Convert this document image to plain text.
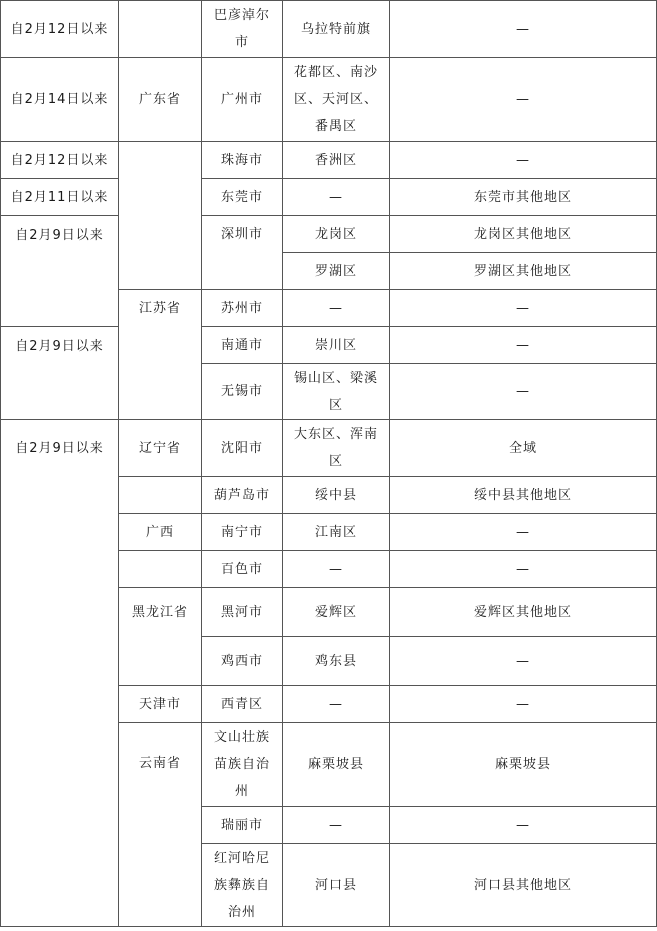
自2月12日以来		巴彦淖尔市	乌拉特前旗	—
自2月14日以来	广东省	广州市	花都区、南沙区、天河区、番禺区	—
自2月12日以来		珠海市	香洲区	—
自2月11日以来		东莞市	—	东莞市其他地区
自2月9日以来		深圳市	龙岗区	龙岗区其他地区
			罗湖区	罗湖区其他地区
	江苏省	苏州市	—	—
自2月9日以来		南通市	崇川区	—
		无锡市	锡山区、梁溪区	—
自2月9日以来	辽宁省	沈阳市	大东区、浑南区	全域
		葫芦岛市	绥中县	绥中县其他地区
	广西	南宁市	江南区	—
		百色市	—	—
	黑龙江省	黑河市	爱辉区	爱辉区其他地区
		鸡西市	鸡东县	—
	天津市	西青区	—	—
	云南省	文山壮族苗族自治州	麻栗坡县	麻栗坡县
		瑞丽市	—	—
		红河哈尼族彝族自治州	河口县	河口县其他地区
